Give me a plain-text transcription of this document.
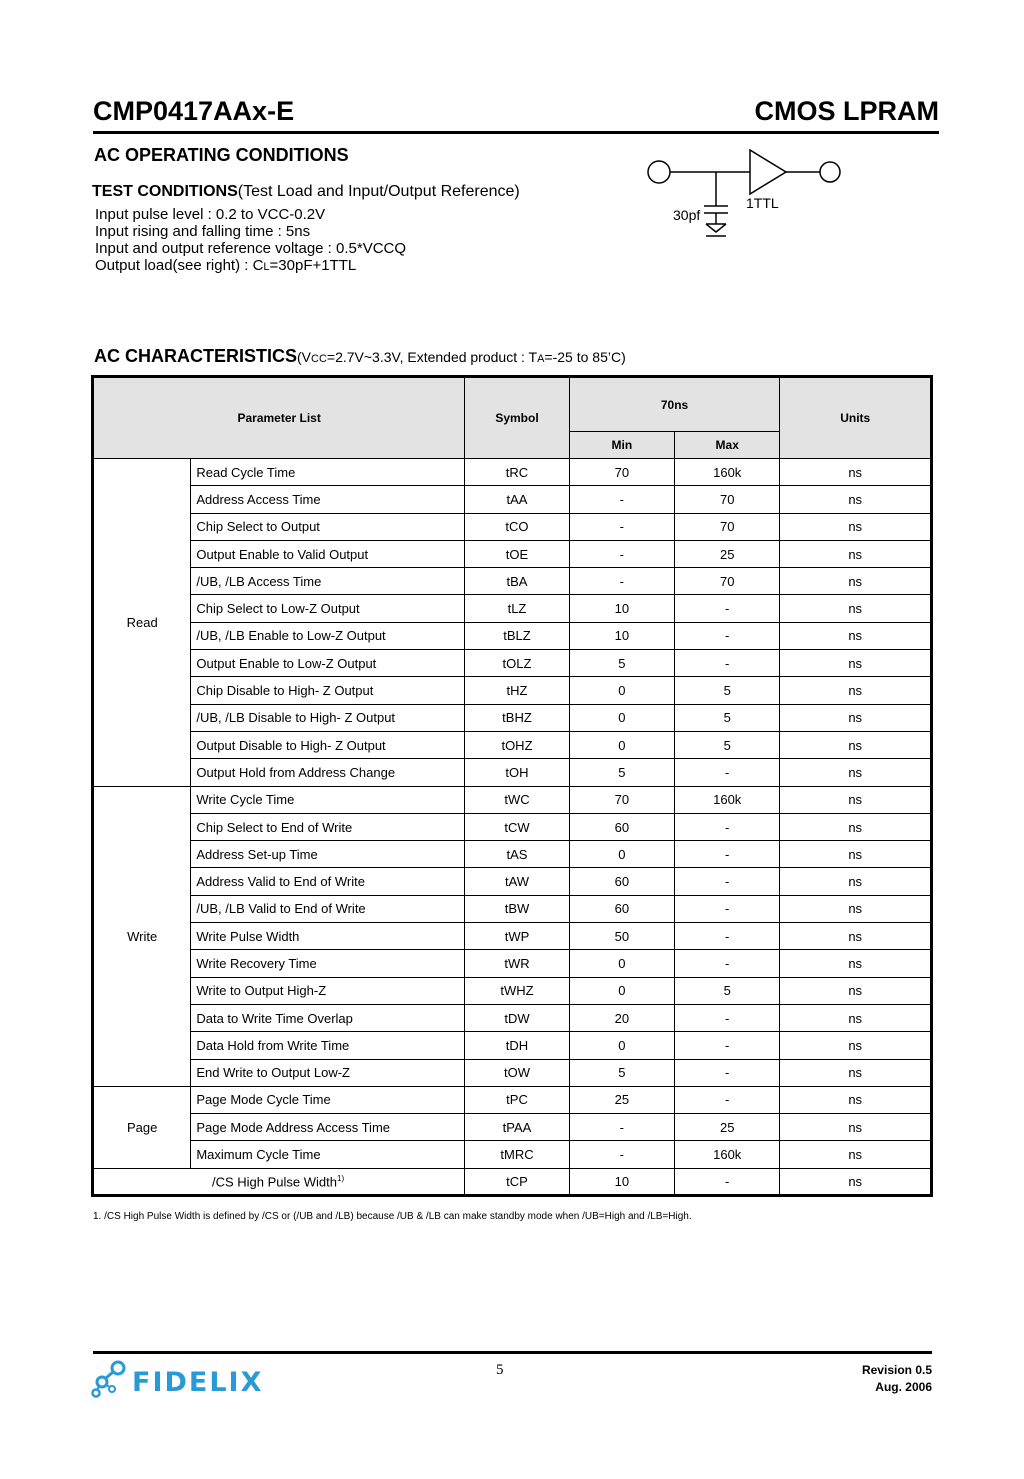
CMP0417AAx-E	CMOS LPRAM
AC OPERATING CONDITIONS
TEST CONDITIONS(Test Load and Input/Output Reference)
Input pulse level : 0.2 to VCC-0.2V
Input rising and falling time : 5ns
Input and output reference voltage : 0.5*VCCQ
Output load(see right) : CL=30pF+1TTL
30pf
1TTL
AC CHARACTERISTICS(VCC=2.7V~3.3V, Extended product : TA=-25 to 85’C)
Parameter List		Symbol	70ns		Units
			Min	Max	
Read	Read Cycle Time	tRC	70	160k	ns
	Address Access Time	tAA	-	70	ns
	Chip Select to Output	tCO	-	70	ns
	Output Enable to Valid Output	tOE	-	25	ns
	/UB, /LB Access Time	tBA	-	70	ns
	Chip Select to Low-Z Output	tLZ	10	-	ns
	/UB, /LB Enable to Low-Z Output	tBLZ	10	-	ns
	Output Enable to Low-Z Output	tOLZ	5	-	ns
	Chip Disable to High- Z Output	tHZ	0	5	ns
	/UB, /LB Disable to High- Z Output	tBHZ	0	5	ns
	Output Disable to High- Z Output	tOHZ	0	5	ns
	Output Hold from Address Change	tOH	5	-	ns
Write	Write Cycle Time	tWC	70	160k	ns
	Chip Select to End of Write	tCW	60	-	ns
	Address Set-up Time	tAS	0	-	ns
	Address Valid to End of Write	tAW	60	-	ns
	/UB, /LB Valid to End of Write	tBW	60	-	ns
	Write Pulse Width	tWP	50	-	ns
	Write Recovery Time	tWR	0	-	ns
	Write to Output High-Z	tWHZ	0	5	ns
	Data to Write Time Overlap	tDW	20	-	ns
	Data Hold from Write Time	tDH	0	-	ns
	End Write to Output Low-Z	tOW	5	-	ns
Page	Page Mode Cycle Time	tPC	25	-	ns
	Page Mode Address Access Time	tPAA	-	25	ns
	Maximum Cycle Time	tMRC	-	160k	ns
/CS High Pulse Width$^{1)}$		tCP	10	-	ns
1. /CS High Pulse Width is defined by /CS or (/UB and /LB) because /UB & /LB can make standby mode when /UB=High and /LB=High.
FIDELIX	5	Revision 0.5
Aug. 2006
